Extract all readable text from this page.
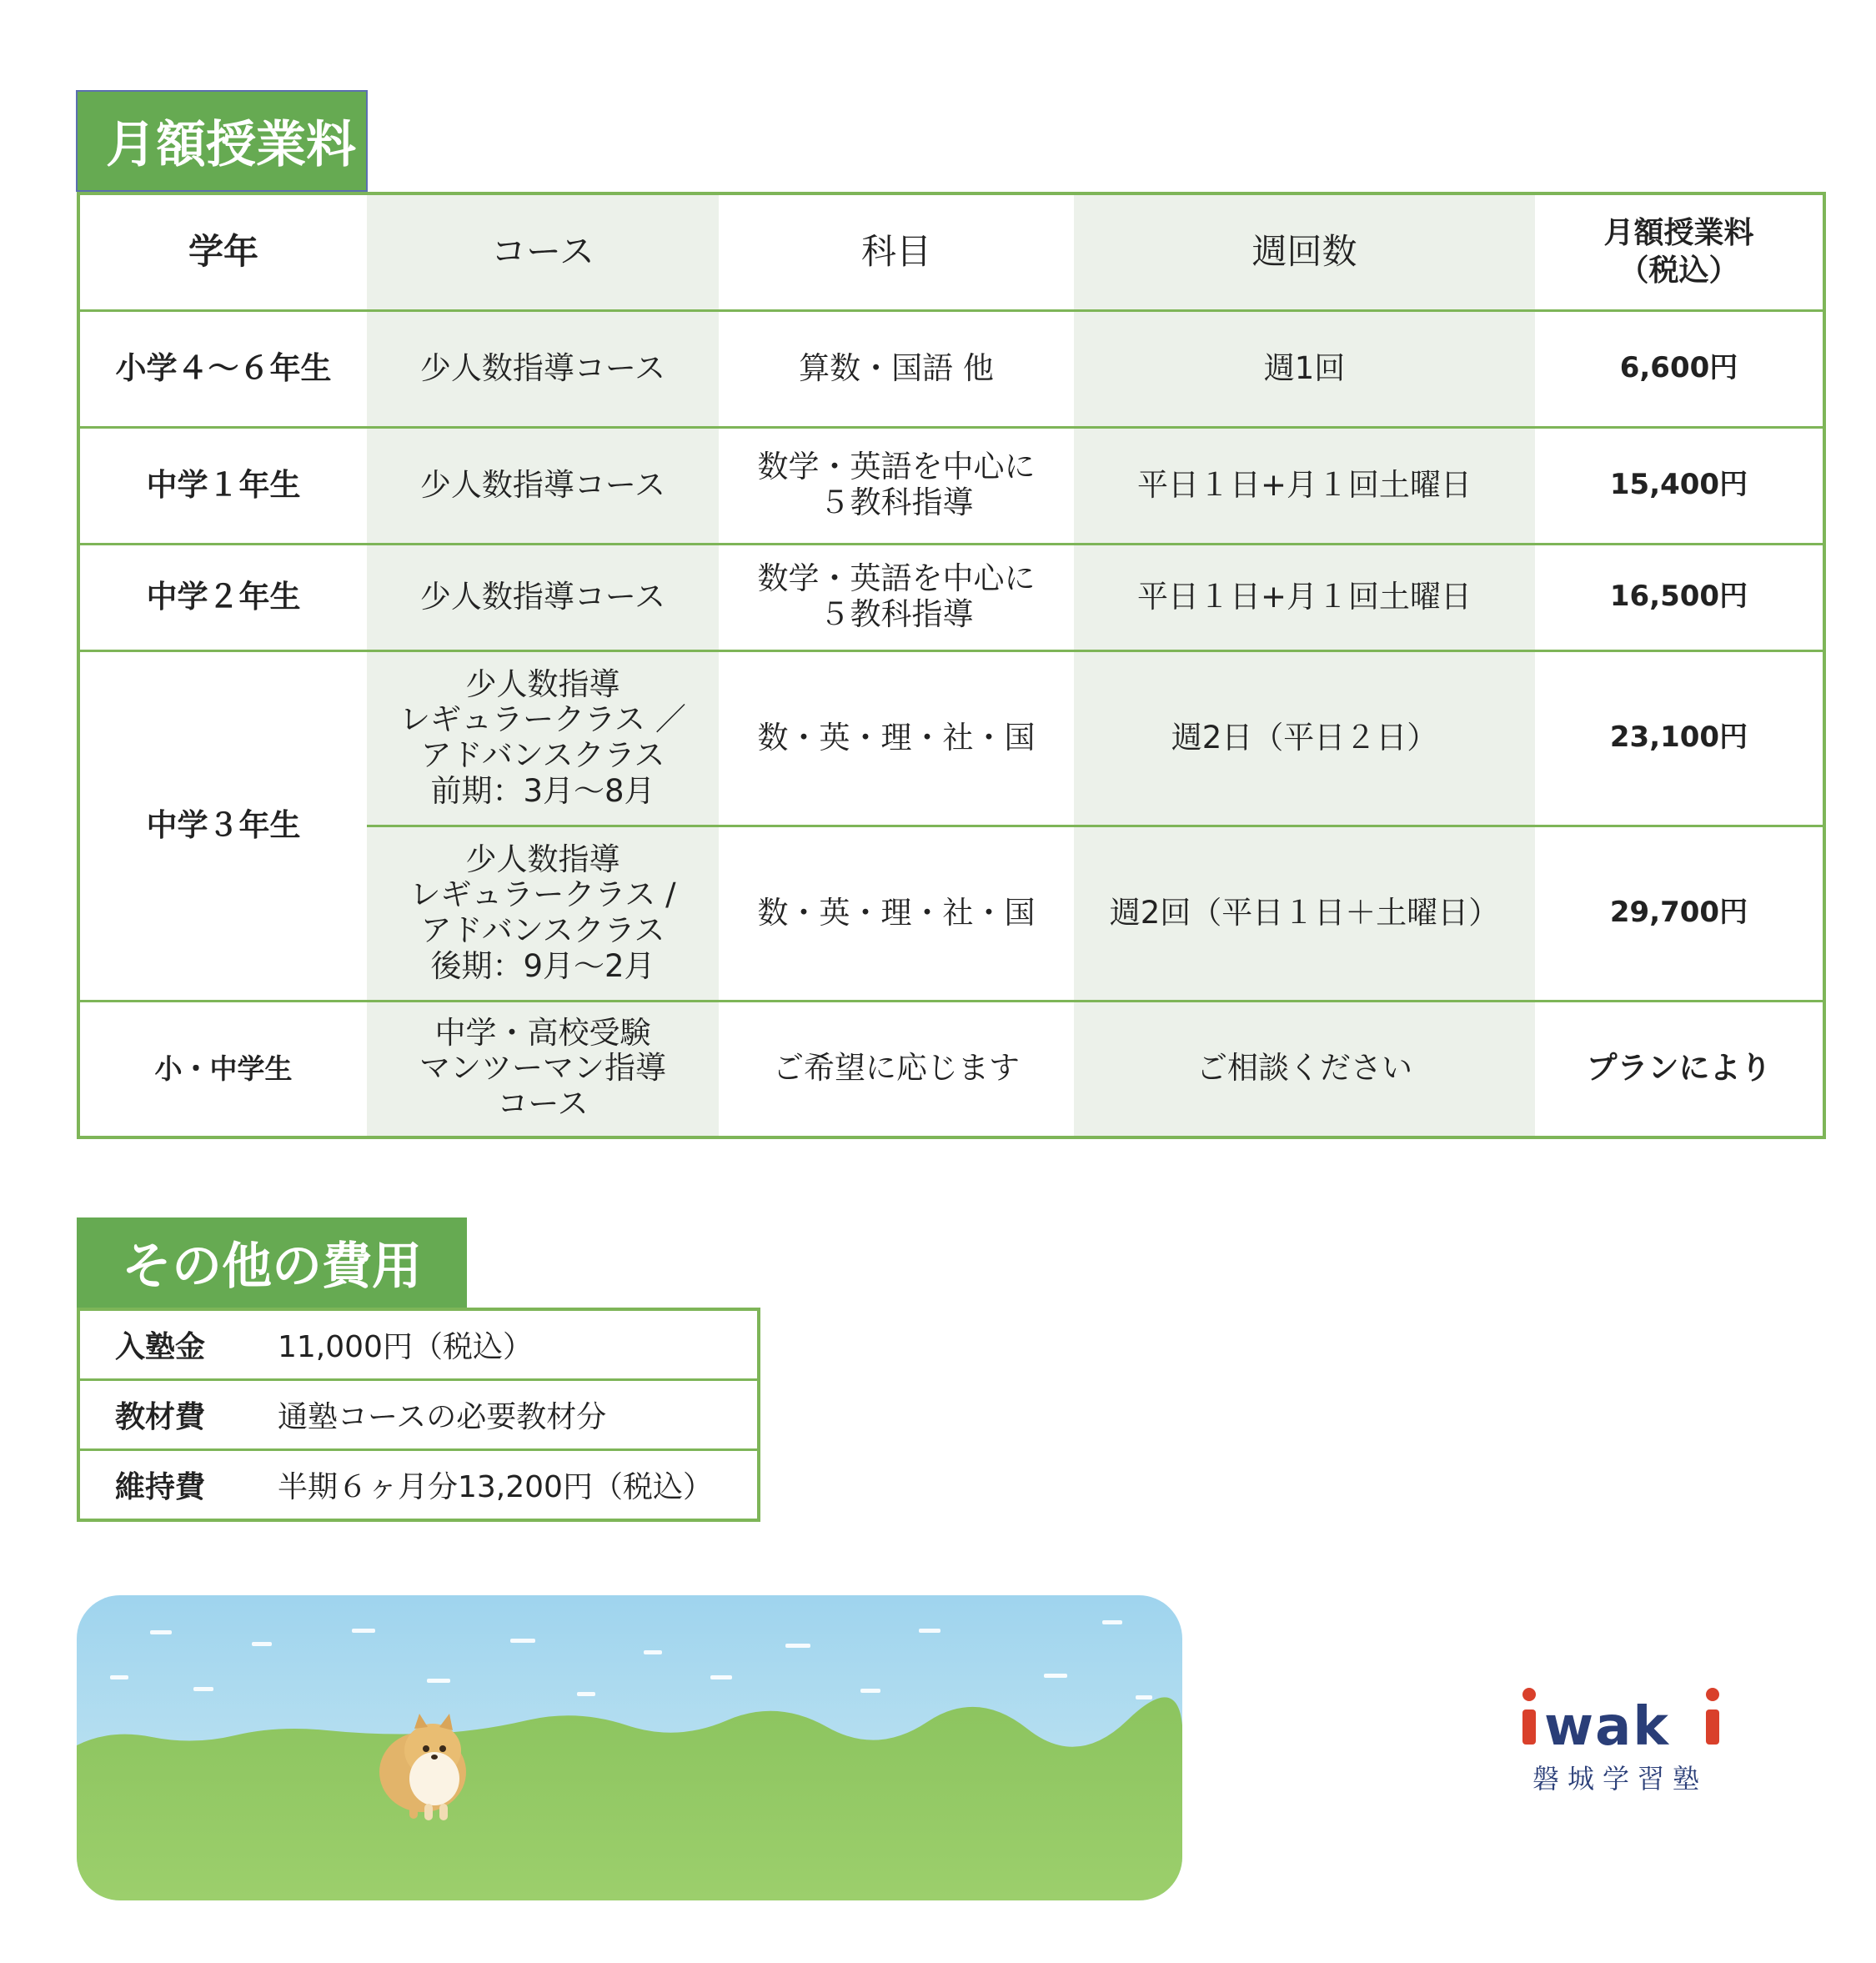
月額授業料
学年	コース	科目	週回数	月額授業料
（税込）

小学４～６年生	少人数指導コース	算数・国語 他	週1回	6,600円
中学１年生	少人数指導コース	数学・英語を中心に
５教科指導	平日１日+月１回土曜日	15,400円
中学２年生	少人数指導コース	数学・英語を中心に
５教科指導	平日１日+月１回土曜日	16,500円
中学３年生	少人数指導
レギュラークラス ／
アドバンスクラス
前期：3月～8月	数・英・理・社・国	週2日（平日２日）	23,100円

	少人数指導
レギュラークラス /
アドバンスクラス
後期：9月～2月	数・英・理・社・国	週2回（平日１日＋土曜日）	29,700円
小・中学生	中学・高校受験
マンツーマン指導
コース	ご希望に応じます	ご相談ください	プランにより
その他の費用
入塾金	11,000円（税込）
教材費	通塾コースの必要教材分
維持費	半期６ヶ月分13,200円（税込）
wak
磐城学習塾
